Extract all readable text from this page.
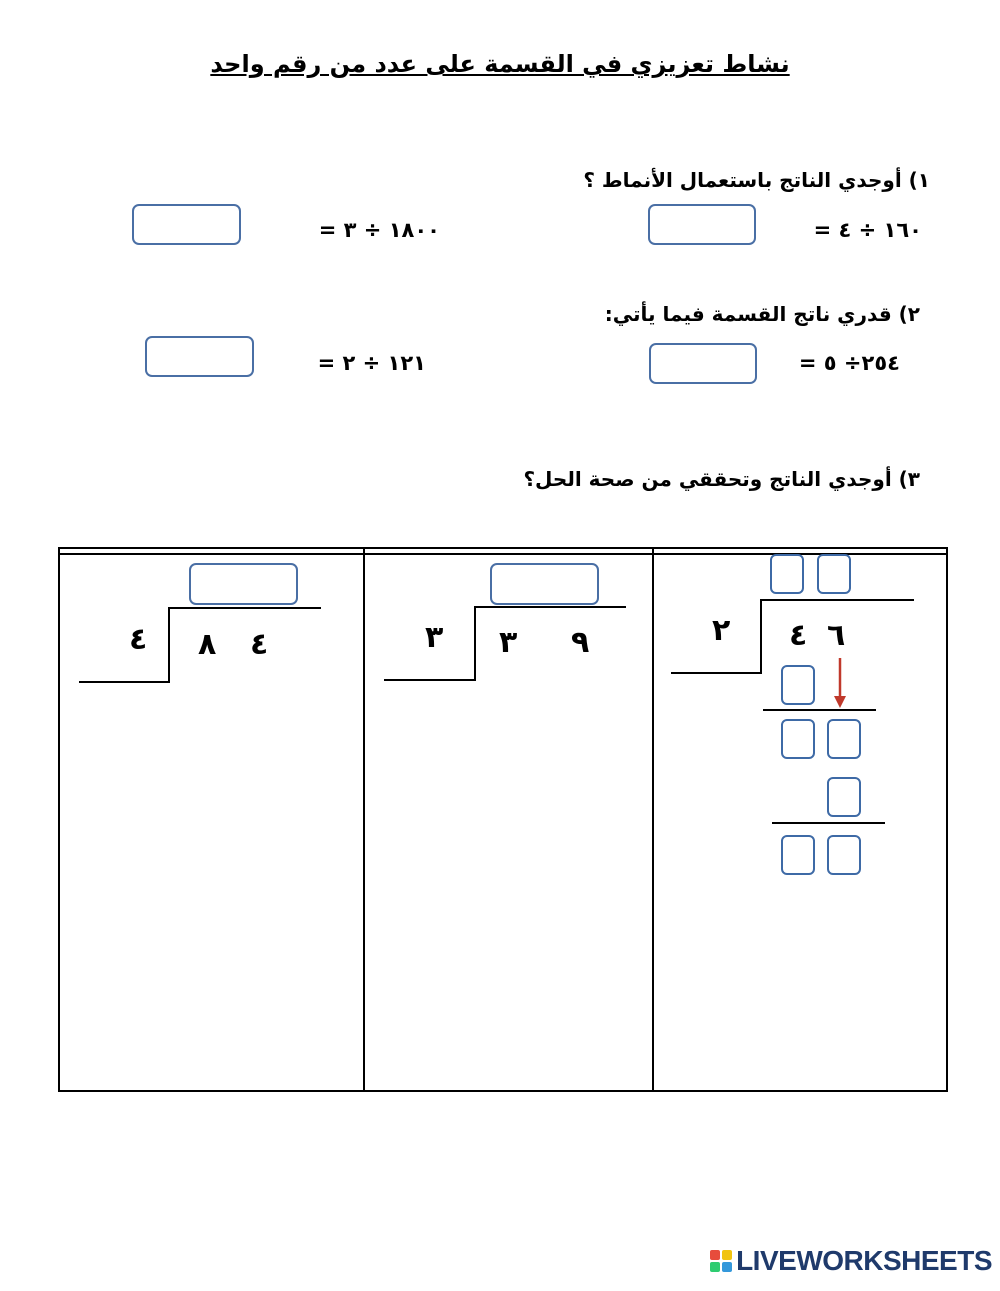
نشاط تعزيزي في القسمة على عدد من رقم واحد
١) أوجدي الناتج باستعمال الأنماط ؟
١٦٠ ÷ ٤ =
١٨٠٠ ÷ ٣ =
٢) قدري ناتج القسمة فيما يأتي:
٢٥٤÷ ٥ =
١٢١ ÷ ٢ =
٣) أوجدي الناتج وتحققي من صحة الحل؟
٢ ٤ ٦
٣ ٣ ٩
٤ ٨ ٤
LIVEWORKSHEETS
